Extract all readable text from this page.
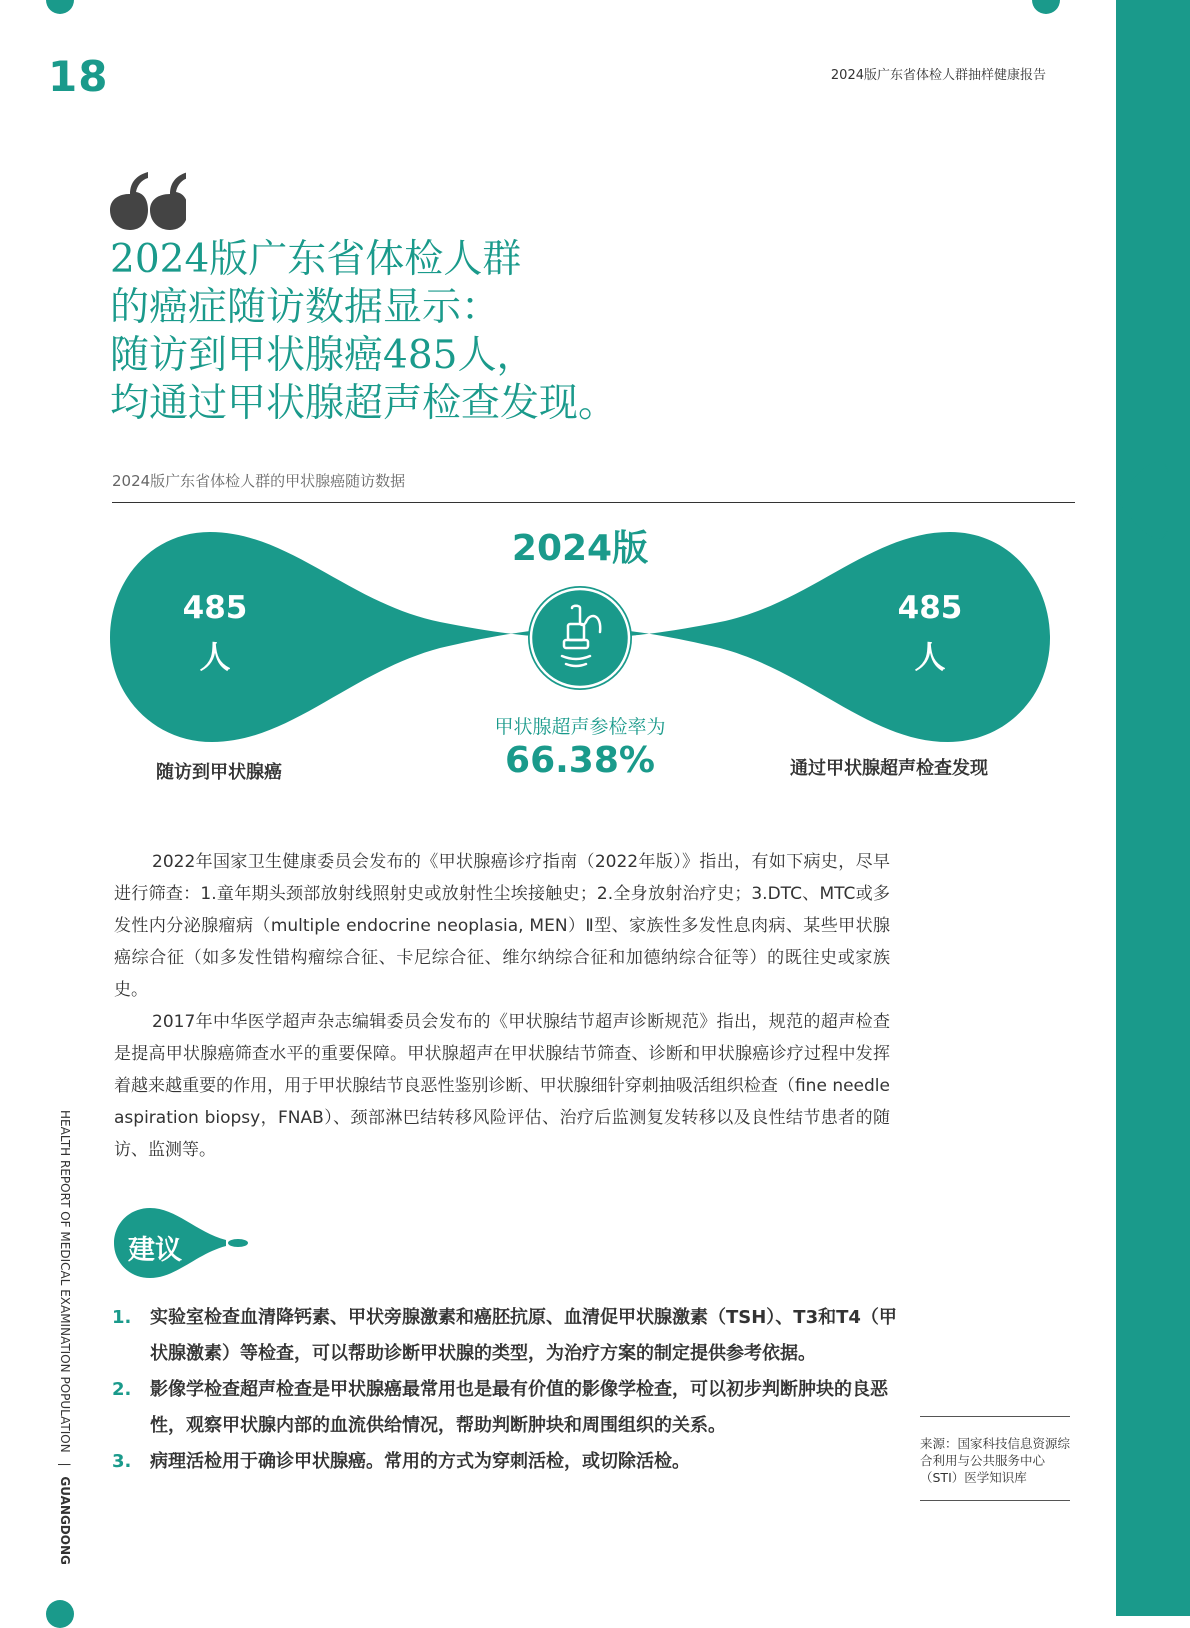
18	2024版广东省体检人群抽样健康报告
2024版广东省体检人群
的癌症随访数据显示：
随访到甲状腺癌485人，
均通过甲状腺超声检查发现。
2024版广东省体检人群的甲状腺癌随访数据
2024版
485
人
485
人
甲状腺超声参检率为
66.38%
随访到甲状腺癌	通过甲状腺超声检查发现

2022年国家卫生健康委员会发布的《甲状腺癌诊疗指南（2022年版）》指出，有如下病史，尽早进行筛查：1.童年期头颈部放射线照射史或放射性尘埃接触史；2.全身放射治疗史；3.DTC、MTC或多发性内分泌腺瘤病（multiple endocrine neoplasia, MEN）Ⅱ型、家族性多发性息肉病、某些甲状腺癌综合征（如多发性错构瘤综合征、卡尼综合征、维尔纳综合征和加德纳综合征等）的既往史或家族史。

2017年中华医学超声杂志编辑委员会发布的《甲状腺结节超声诊断规范》指出，规范的超声检查是提高甲状腺癌筛查水平的重要保障。甲状腺超声在甲状腺结节筛查、诊断和甲状腺癌诊疗过程中发挥着越来越重要的作用，用于甲状腺结节良恶性鉴别诊断、甲状腺细针穿刺抽吸活组织检查（fine needle aspiration biopsy，FNAB）、颈部淋巴结转移风险评估、治疗后监测复发转移以及良性结节患者的随访、监测等。

HEALTH REPORT OF MEDICAL EXAMINATION POPULATION | GUANGDONG
建议
1. 实验室检查血清降钙素、甲状旁腺激素和癌胚抗原、血清促甲状腺激素（TSH）、T3和T4（甲状腺激素）等检查，可以帮助诊断甲状腺的类型，为治疗方案的制定提供参考依据。
2. 影像学检查超声检查是甲状腺癌最常用也是最有价值的影像学检查，可以初步判断肿块的良恶性，观察甲状腺内部的血流供给情况，帮助判断肿块和周围组织的关系。
3. 病理活检用于确诊甲状腺癌。常用的方式为穿刺活检，或切除活检。
来源：国家科技信息资源综合利用与公共服务中心（STI）医学知识库
